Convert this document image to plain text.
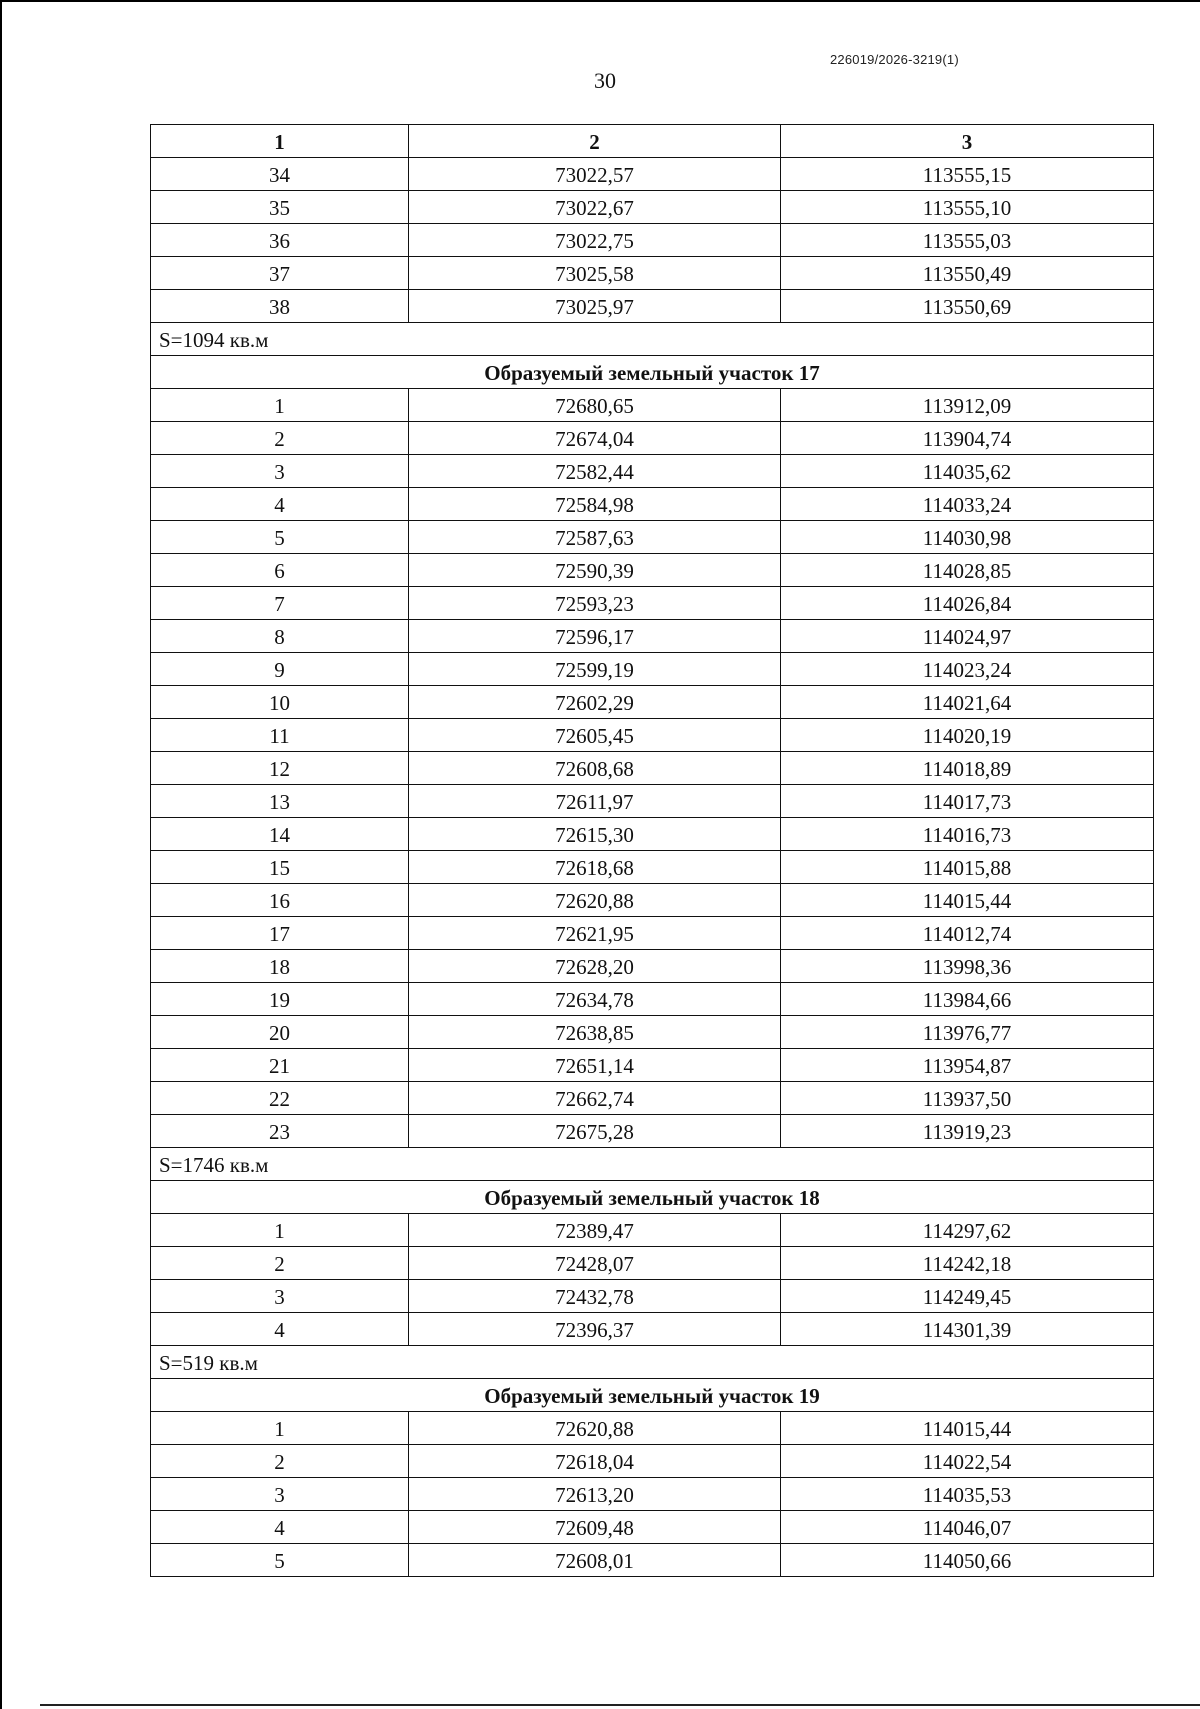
226019/2026-3219(1)
30
1	2	3
34	73022,57	113555,15
35	73022,67	113555,10
36	73022,75	113555,03
37	73025,58	113550,49
38	73025,97	113550,69
S=1094 кв.м		
Образуемый земельный участок 17		
1	72680,65	113912,09
2	72674,04	113904,74
3	72582,44	114035,62
4	72584,98	114033,24
5	72587,63	114030,98
6	72590,39	114028,85
7	72593,23	114026,84
8	72596,17	114024,97
9	72599,19	114023,24
10	72602,29	114021,64
11	72605,45	114020,19
12	72608,68	114018,89
13	72611,97	114017,73
14	72615,30	114016,73
15	72618,68	114015,88
16	72620,88	114015,44
17	72621,95	114012,74
18	72628,20	113998,36
19	72634,78	113984,66
20	72638,85	113976,77
21	72651,14	113954,87
22	72662,74	113937,50
23	72675,28	113919,23
S=1746 кв.м		
Образуемый земельный участок 18		
1	72389,47	114297,62
2	72428,07	114242,18
3	72432,78	114249,45
4	72396,37	114301,39
S=519 кв.м		
Образуемый земельный участок 19		
1	72620,88	114015,44
2	72618,04	114022,54
3	72613,20	114035,53
4	72609,48	114046,07
5	72608,01	114050,66
